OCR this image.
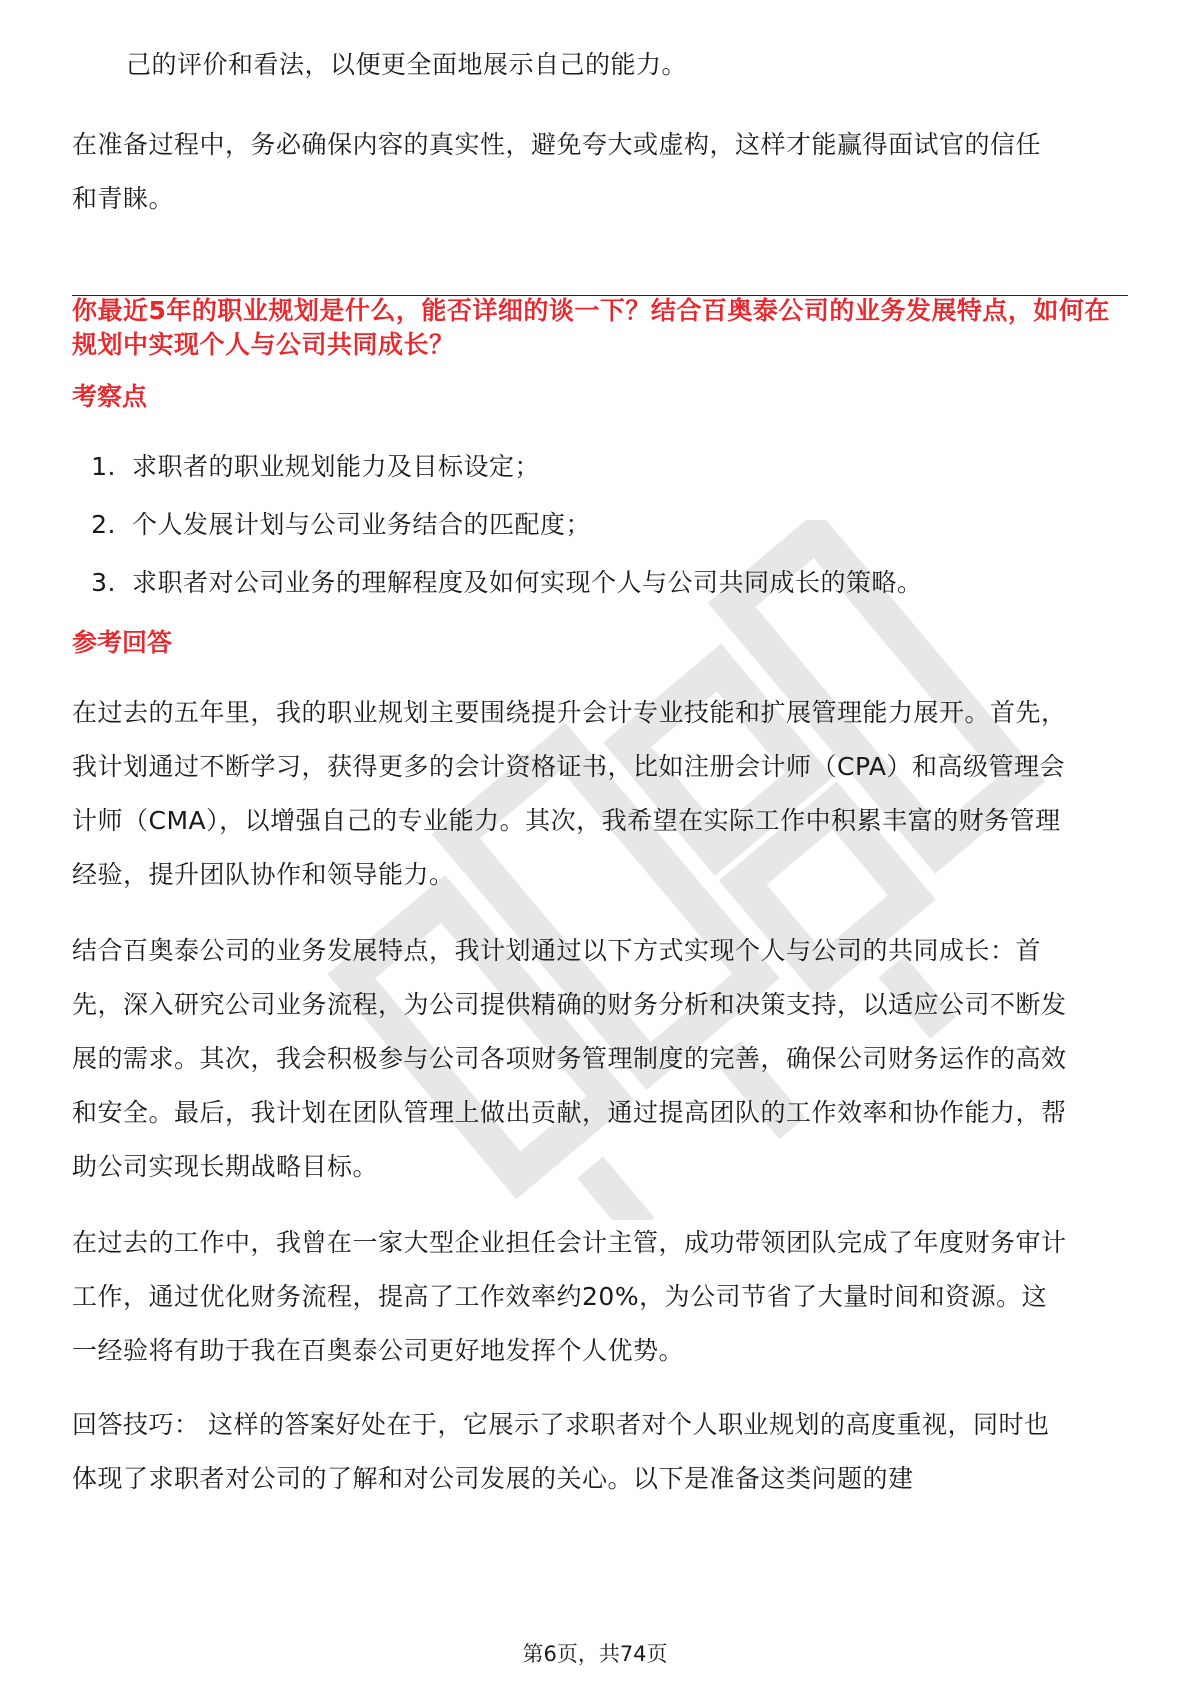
己的评价和看法，以便更全面地展示自己的能力。

在准备过程中，务必确保内容的真实性，避免夸大或虚构，这样才能赢得面试官的信任和青睐。

你最近5年的职业规划是什么，能否详细的谈一下？结合百奥泰公司的业务发展特点，如何在规划中实现个人与公司共同成长？

考察点

1. 求职者的职业规划能力及目标设定；
2. 个人发展计划与公司业务结合的匹配度；
3. 求职者对公司业务的理解程度及如何实现个人与公司共同成长的策略。

参考回答

在过去的五年里，我的职业规划主要围绕提升会计专业技能和扩展管理能力展开。首先，我计划通过不断学习，获得更多的会计资格证书，比如注册会计师（CPA）和高级管理会计师（CMA），以增强自己的专业能力。其次，我希望在实际工作中积累丰富的财务管理经验，提升团队协作和领导能力。

结合百奥泰公司的业务发展特点，我计划通过以下方式实现个人与公司的共同成长：首先，深入研究公司业务流程，为公司提供精确的财务分析和决策支持，以适应公司不断发展的需求。其次，我会积极参与公司各项财务管理制度的完善，确保公司财务运作的高效和安全。最后，我计划在团队管理上做出贡献，通过提高团队的工作效率和协作能力，帮助公司实现长期战略目标。

在过去的工作中，我曾在一家大型企业担任会计主管，成功带领团队完成了年度财务审计工作，通过优化财务流程，提高了工作效率约20%，为公司节省了大量时间和资源。这一经验将有助于我在百奥泰公司更好地发挥个人优势。

回答技巧： 这样的答案好处在于，它展示了求职者对个人职业规划的高度重视，同时也体现了求职者对公司的了解和对公司发展的关心。以下是准备这类问题的建

第6页，共74页
